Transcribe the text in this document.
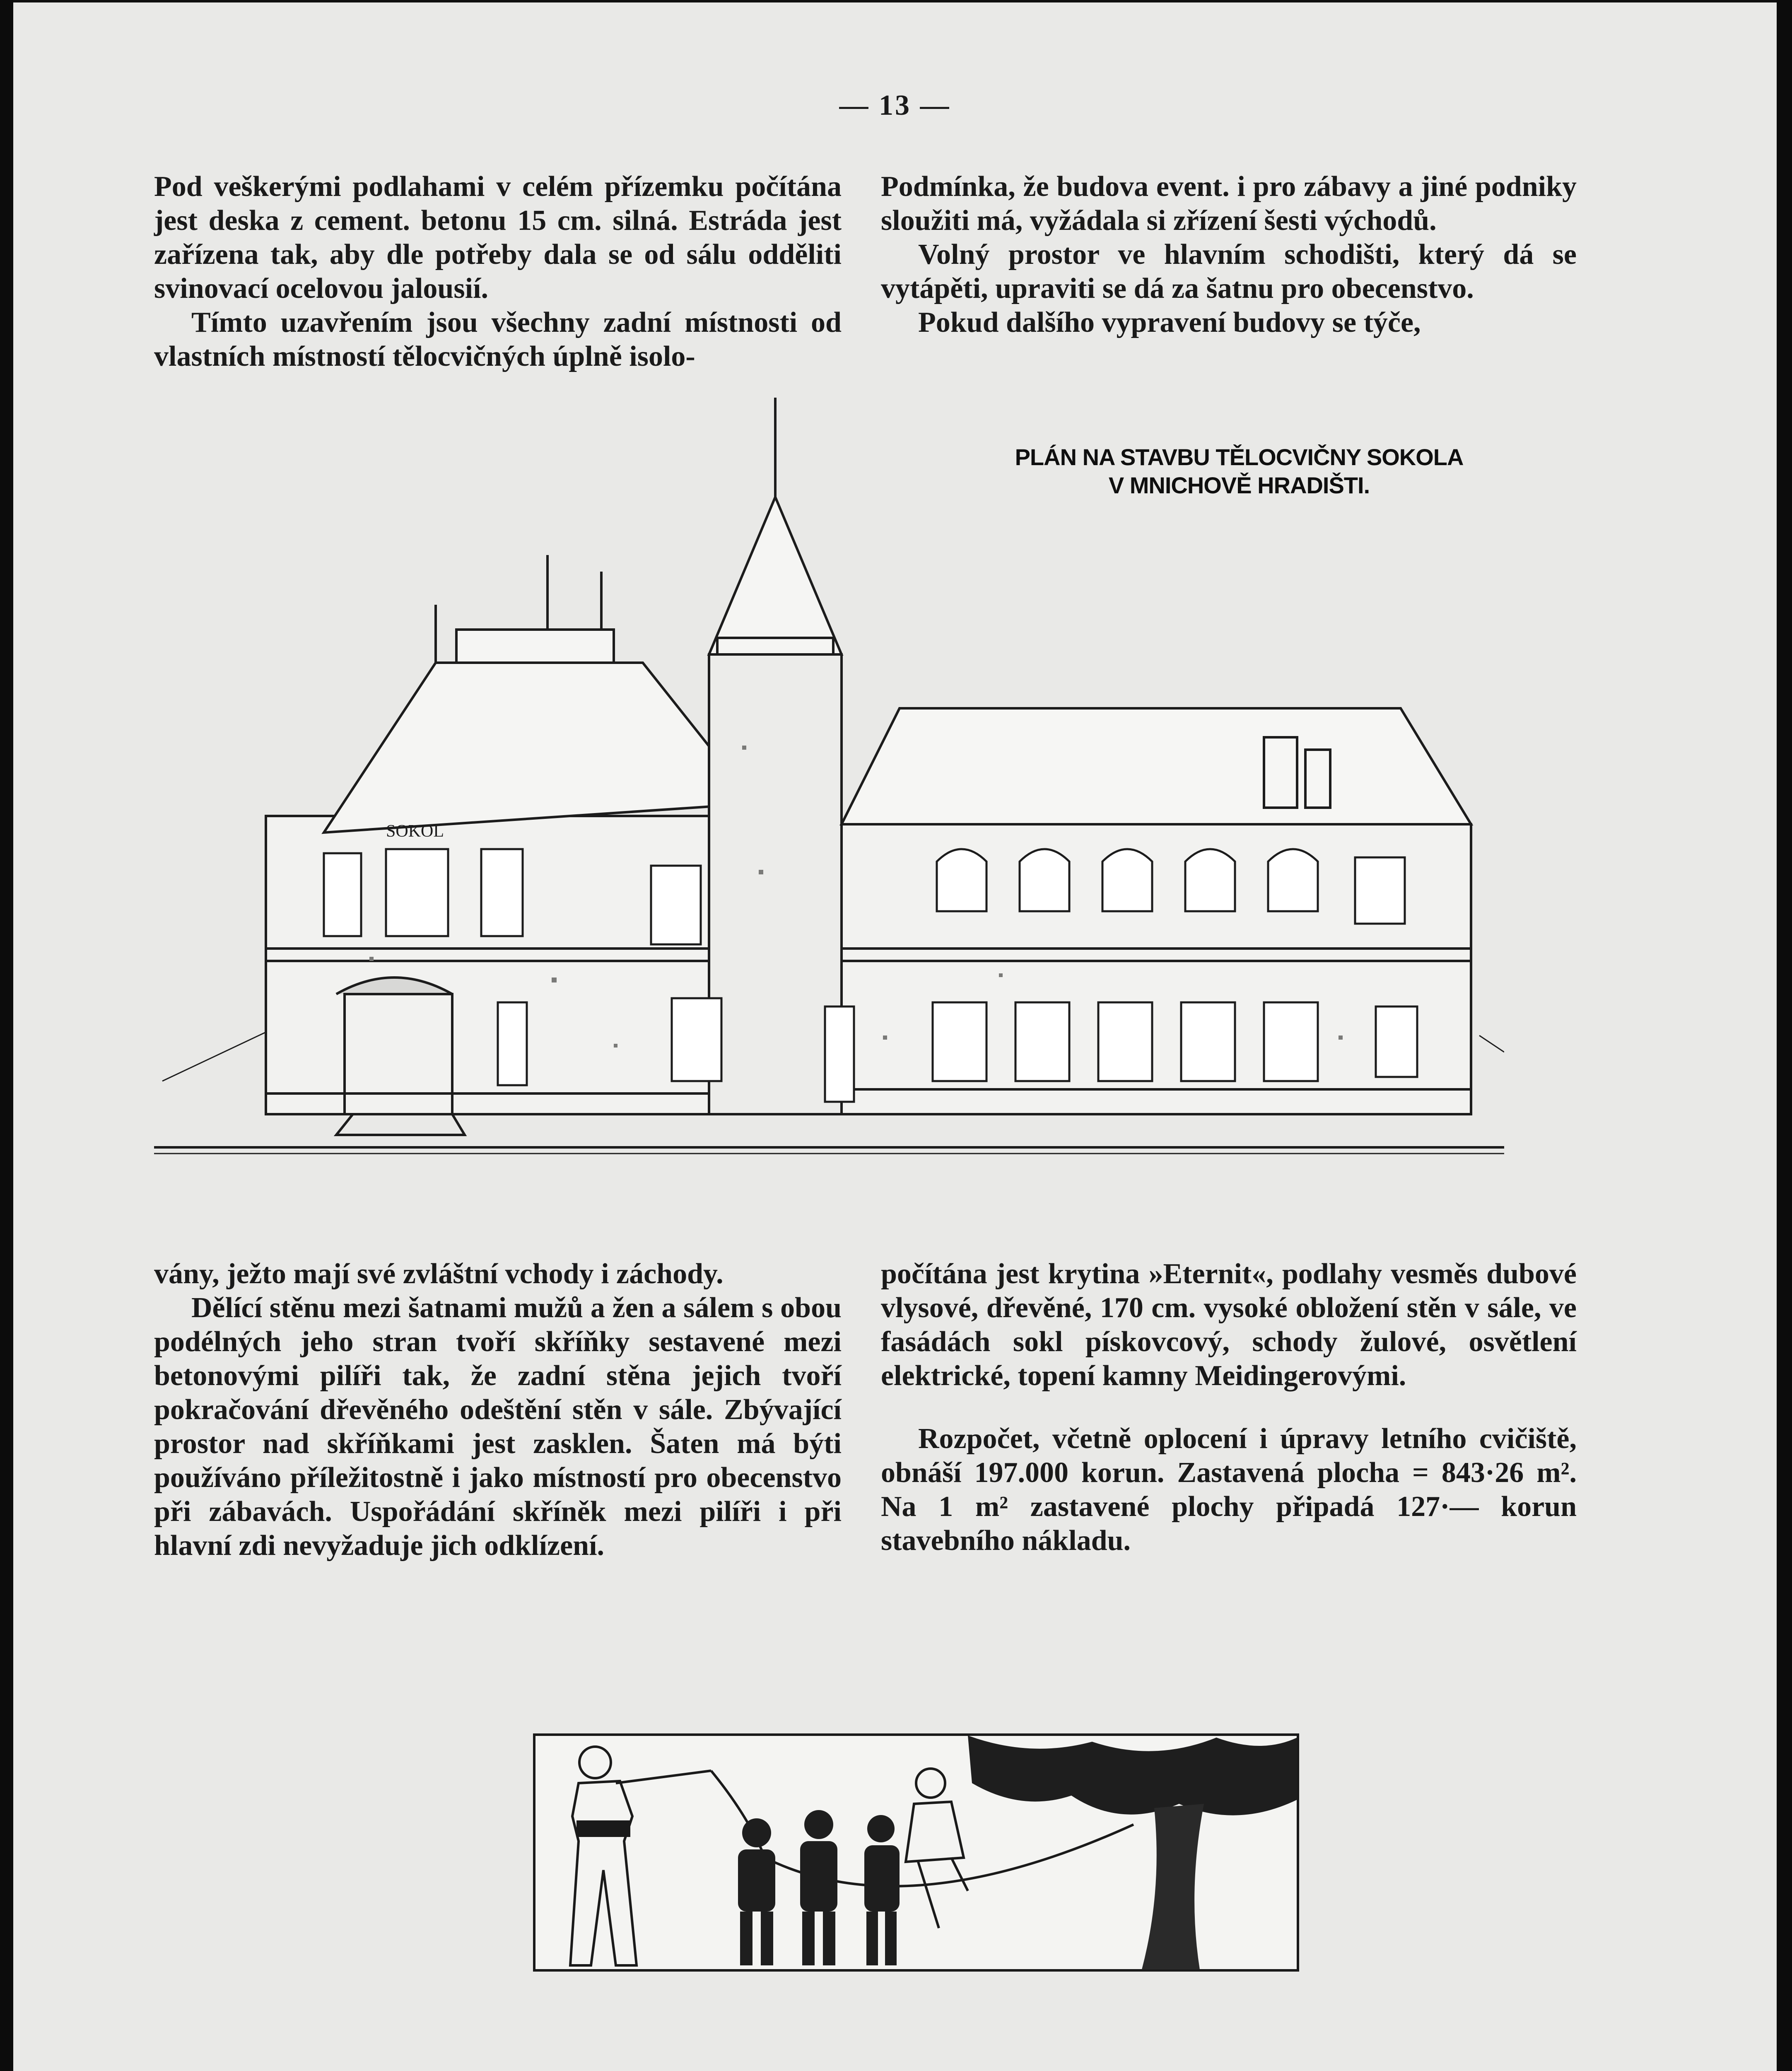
— 13 —

Pod veškerými podlahami v celém přízemku počítána jest deska z cement. betonu 15 cm. silná. Estráda jest zařízena tak, aby dle potřeby dala se od sálu odděliti svinovací ocelovou jalousií.

Tímto uzavřením jsou všechny zadní místnosti od vlastních místností tělocvičných úplně isolo-

Podmínka, že budova event. i pro zábavy a jiné podniky sloužiti má, vyžádala si zřízení šesti východů.

Volný prostor ve hlavním schodišti, který dá se vytápěti, upraviti se dá za šatnu pro obecenstvo.

Pokud dalšího vypravení budovy se týče,

PLÁN NA STAVBU TĚLOCVIČNY SOKOLA
V MNICHOVĚ HRADIŠTI.
SOKOL

vány, ježto mají své zvláštní vchody i záchody.

Dělící stěnu mezi šatnami mužů a žen a sálem s obou podélných jeho stran tvoří skříňky sestavené mezi betonovými pilíři tak, že zadní stěna jejich tvoří pokračování dřevěného odeštění stěn v sále. Zbývající prostor nad skříňkami jest zasklen. Šaten má býti používáno příležitostně i jako místností pro obecenstvo při zábavách. Uspořádání skříněk mezi pilíři i při hlavní zdi nevyžaduje jich odklízení.

počítána jest krytina »Eternit«, podlahy vesměs dubové vlysové, dřevěné, 170 cm. vysoké obložení stěn v sále, ve fasádách sokl pískovcový, schody žulové, osvětlení elektrické, topení kamny Meidingerovými.

Rozpočet, včetně oplocení i úpravy letního cvičiště, obnáší 197.000 korun. Zastavená plocha = 843·26 m². Na 1 m² zastavené plochy připadá 127·— korun stavebního nákladu.
